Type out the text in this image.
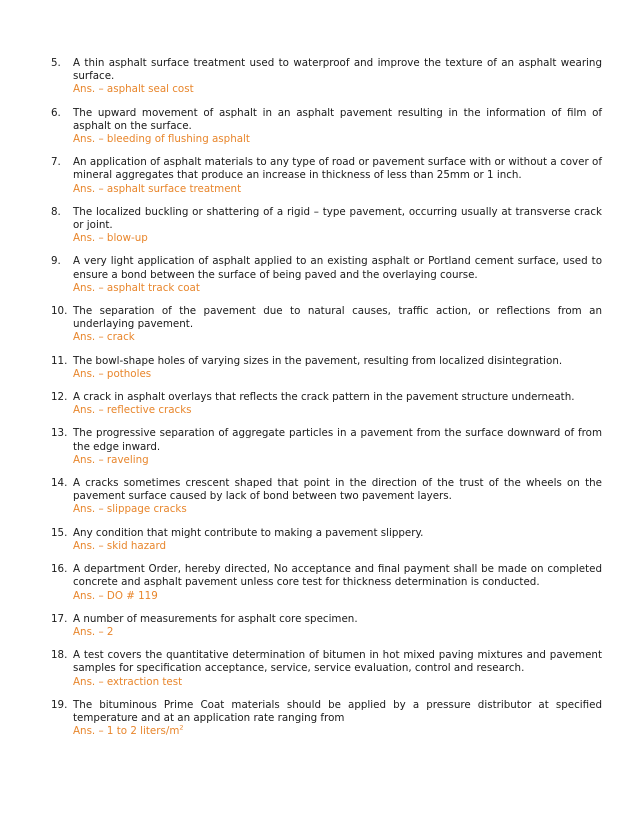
5.	A thin asphalt surface treatment used to waterproof and improve the texture of an asphalt wearing surface.
Ans. – asphalt seal cost
6.	The upward movement of asphalt in an asphalt pavement resulting in the information of film of asphalt on the surface.
Ans. – bleeding of flushing asphalt
7.	An application of asphalt materials to any type of road or pavement surface with or without a cover of mineral aggregates that produce an increase in thickness of less than 25mm or 1 inch.
Ans. – asphalt surface treatment
8.	The localized buckling or shattering of a rigid – type pavement, occurring usually at transverse crack or joint.
Ans. – blow-up
9.	A very light application of asphalt applied to an existing asphalt or Portland cement surface, used to ensure a bond between the surface of being paved and the overlaying course.
Ans. – asphalt track coat
10. The separation of the pavement due to natural causes, traffic action, or reflections from an underlaying pavement.
Ans. – crack
11. The bowl-shape holes of varying sizes in the pavement, resulting from localized disintegration.
Ans. – potholes
12. A crack in asphalt overlays that reflects the crack pattern in the pavement structure underneath.
Ans. – reflective cracks
13. The progressive separation of aggregate particles in a pavement from the surface downward of from the edge inward.
Ans. – raveling
14. A cracks sometimes crescent shaped that point in the direction of the trust of the wheels on the pavement surface caused by lack of bond between two pavement layers.
Ans. – slippage cracks
15. Any condition that might contribute to making a pavement slippery.
Ans. – skid hazard
16. A department Order, hereby directed, No acceptance and final payment shall be made on completed concrete and asphalt pavement unless core test for thickness determination is conducted.
Ans. – DO # 119
17. A number of measurements for asphalt core specimen.
Ans. – 2
18. A test covers the quantitative determination of bitumen in hot mixed paving mixtures and pavement samples for specification acceptance, service, service evaluation, control and research.
Ans. – extraction test
19. The bituminous Prime Coat materials should be applied by a pressure distributor at specified temperature and at an application rate ranging from
Ans. – 1 to 2 liters/$m^2$
